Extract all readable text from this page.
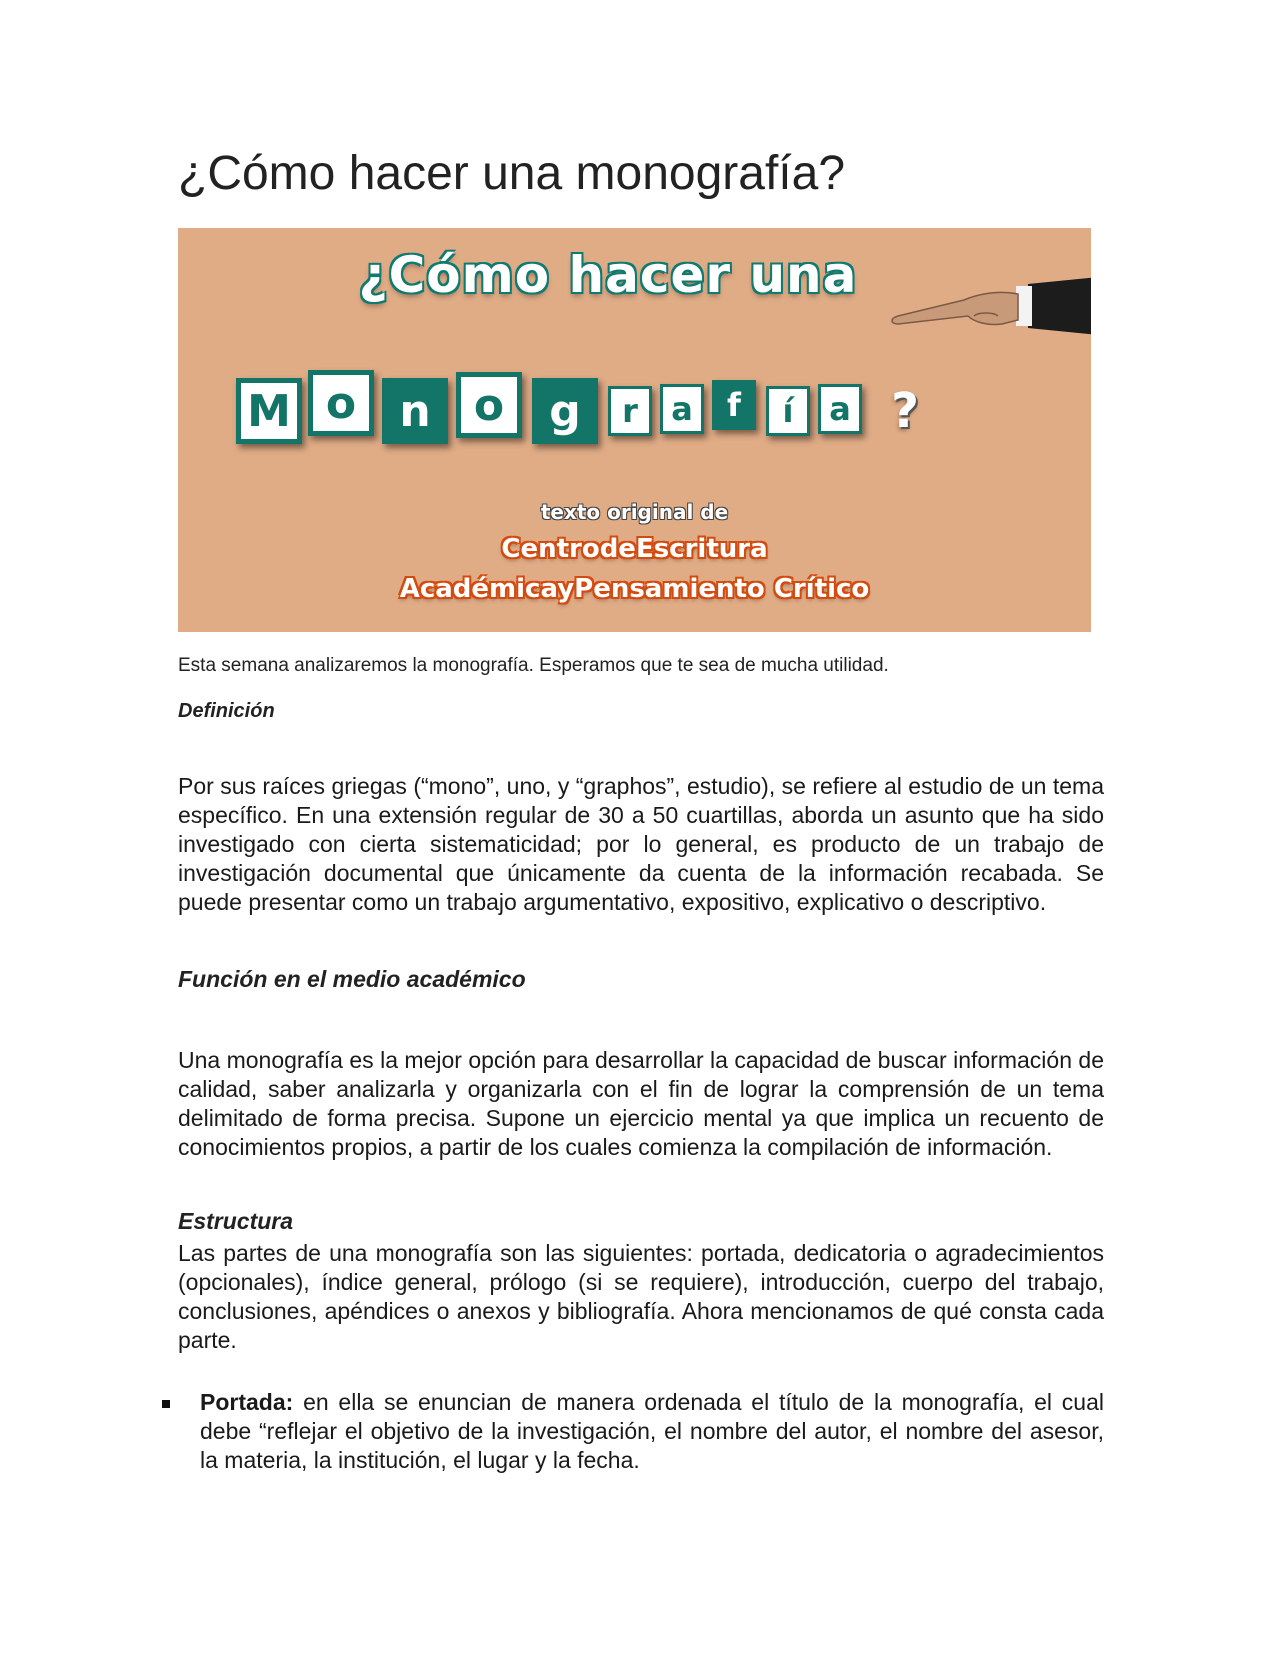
¿Cómo hacer una monografía?
¿Cómo hacer una
M o n o g	r	a	f	í	a ?
texto original de
CentrodeEscritura
AcadémicayPensamiento Crítico

Esta semana analizaremos la monografía. Esperamos que te sea de mucha utilidad.

Definición

Por sus raíces griegas (“mono”, uno, y “graphos”, estudio), se refiere al estudio de un tema específico. En una extensión regular de 30 a 50 cuartillas, aborda un asunto que ha sido investigado con cierta sistematicidad; por lo general, es producto de un trabajo de investigación documental que únicamente da cuenta de la información recabada. Se puede presentar como un trabajo argumentativo, expositivo, explicativo o descriptivo.

Función en el medio académico

Una monografía es la mejor opción para desarrollar la capacidad de buscar información de calidad, saber analizarla y organizarla con el fin de lograr la comprensión de un tema delimitado de forma precisa. Supone un ejercicio mental ya que implica un recuento de conocimientos propios, a partir de los cuales comienza la compilación de información.

Estructura

Las partes de una monografía son las siguientes: portada, dedicatoria o agradecimientos (opcionales), índice general, prólogo (si se requiere), introducción, cuerpo del trabajo, conclusiones, apéndices o anexos y bibliografía. Ahora mencionamos de qué consta cada parte.

Portada: en ella se enuncian de manera ordenada el título de la monografía, el cual debe “reflejar el objetivo de la investigación, el nombre del autor, el nombre del asesor, la materia, la institución, el lugar y la fecha.
